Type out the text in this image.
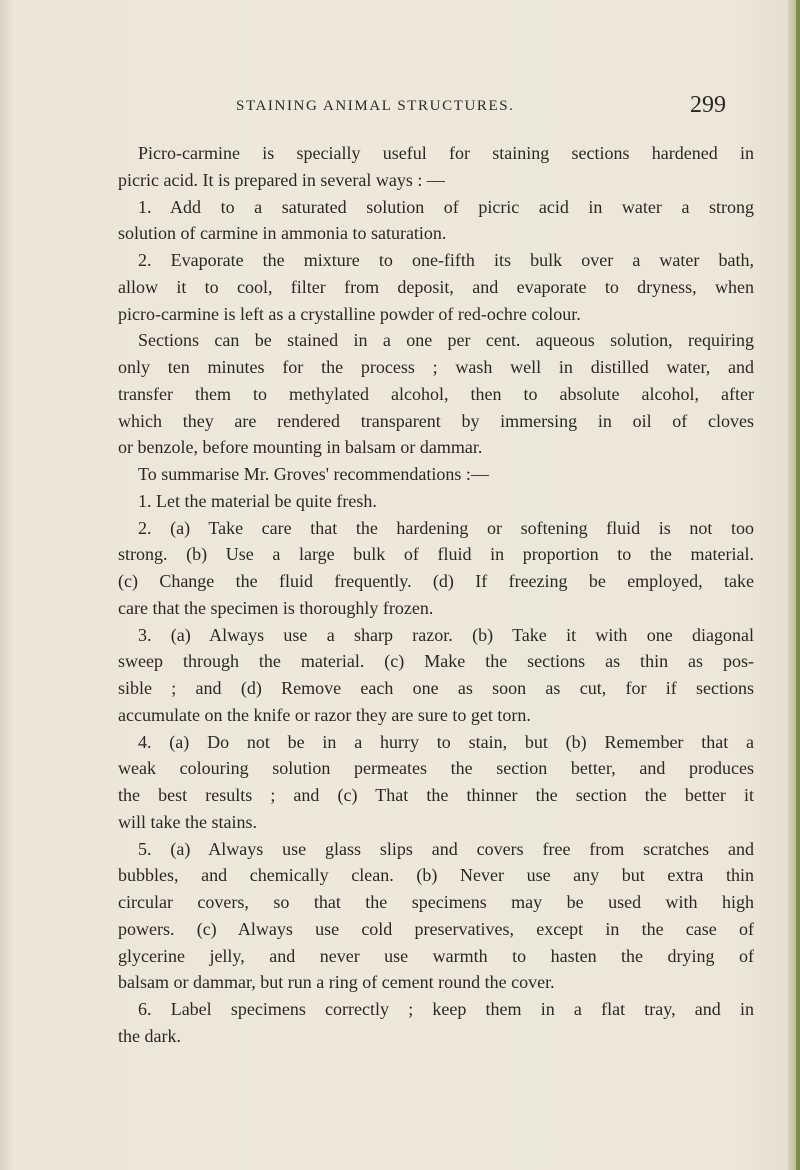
STAINING ANIMAL STRUCTURES.	299

Picro-carmine is specially useful for staining sections hardened in

picric acid. It is prepared in several ways : —

1. Add to a saturated solution of picric acid in water a strong

solution of carmine in ammonia to saturation.

2. Evaporate the mixture to one-fifth its bulk over a water bath,

allow it to cool, filter from deposit, and evaporate to dryness, when

picro-carmine is left as a crystalline powder of red-ochre colour.

Sections can be stained in a one per cent. aqueous solution, requiring

only ten minutes for the process ; wash well in distilled water, and

transfer them to methylated alcohol, then to absolute alcohol, after

which they are rendered transparent by immersing in oil of cloves

or benzole, before mounting in balsam or dammar.

To summarise Mr. Groves' recommendations :—

1. Let the material be quite fresh.

2. (a) Take care that the hardening or softening fluid is not too

strong. (b) Use a large bulk of fluid in proportion to the material.

(c) Change the fluid frequently. (d) If freezing be employed, take

care that the specimen is thoroughly frozen.

3. (a) Always use a sharp razor. (b) Take it with one diagonal

sweep through the material. (c) Make the sections as thin as pos-

sible ; and (d) Remove each one as soon as cut, for if sections

accumulate on the knife or razor they are sure to get torn.

4. (a) Do not be in a hurry to stain, but (b) Remember that a

weak colouring solution permeates the section better, and produces

the best results ; and (c) That the thinner the section the better it

will take the stains.

5. (a) Always use glass slips and covers free from scratches and

bubbles, and chemically clean. (b) Never use any but extra thin

circular covers, so that the specimens may be used with high

powers. (c) Always use cold preservatives, except in the case of

glycerine jelly, and never use warmth to hasten the drying of

balsam or dammar, but run a ring of cement round the cover.

6. Label specimens correctly ; keep them in a flat tray, and in

the dark.
